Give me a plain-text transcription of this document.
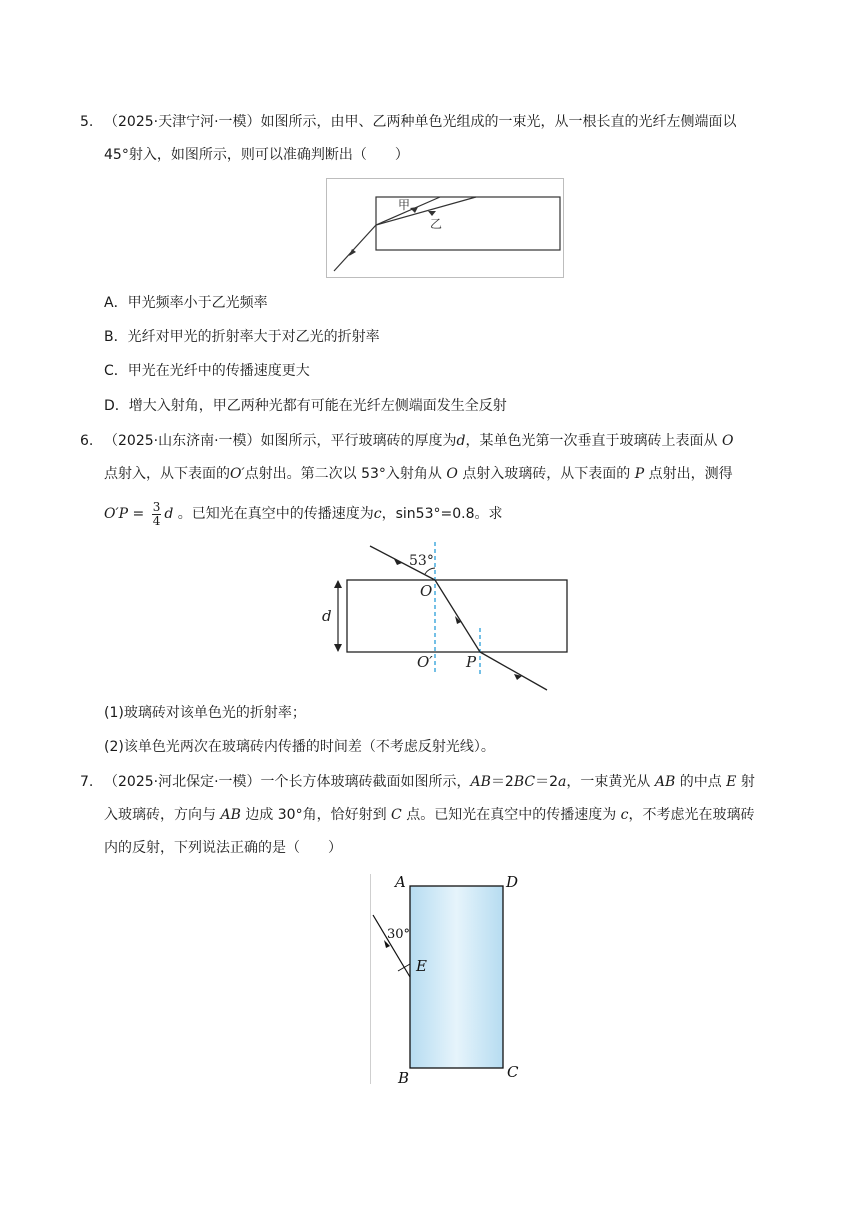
5. （2025·天津宁河·一模）如图所示，由甲、乙两种单色光组成的一束光，从一根长直的光纤左侧端面以
45°射入，如图所示，则可以准确判断出（　　）
甲
乙
A．甲光频率小于乙光频率
B．光纤对甲光的折射率大于对乙光的折射率
C．甲光在光纤中的传播速度更大
D．增大入射角，甲乙两种光都有可能在光纤左侧端面发生全反射
6. （2025·山东济南·一模）如图所示，平行玻璃砖的厚度为d，某单色光第一次垂直于玻璃砖上表面从 O
点射入，从下表面的O′点射出。第二次以 53°入射角从 O 点射入玻璃砖，从下表面的 P 点射出，测得
$O'P = \frac{3}{4}$ d 。已知光在真空中的传播速度为c，sin53°=0.8。求
53°
d
O
O′ P
(1)玻璃砖对该单色光的折射率；
(2)该单色光两次在玻璃砖内传播的时间差（不考虑反射光线）。
7. （2025·河北保定·一模）一个长方体玻璃砖截面如图所示，AB＝2BC＝2a，一束黄光从 AB 的中点 E 射
入玻璃砖，方向与 AB 边成 30°角，恰好射到 C 点。已知光在真空中的传播速度为 c，不考虑光在玻璃砖
内的反射，下列说法正确的是（　　）
30°
A	D
E
B	C
